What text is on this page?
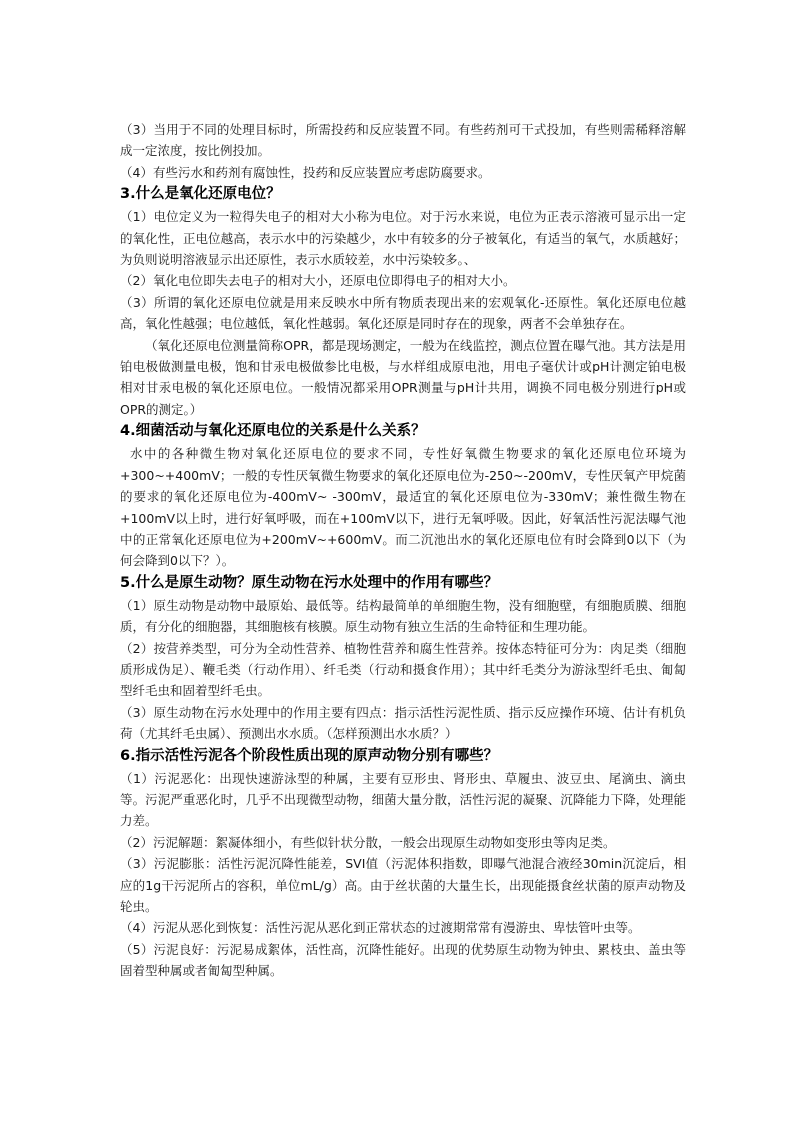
（3）当用于不同的处理目标时，所需投药和反应装置不同。有些药剂可干式投加，有些则需稀释溶解成一定浓度，按比例投加。

（4）有些污水和药剂有腐蚀性，投药和反应装置应考虑防腐要求。

3.什么是氧化还原电位？

（1）电位定义为一粒得失电子的相对大小称为电位。对于污水来说，电位为正表示溶液可显示出一定的氧化性，正电位越高，表示水中的污染越少，水中有较多的分子被氧化，有适当的氧气，水质越好；为负则说明溶液显示出还原性，表示水质较差，水中污染较多。、

（2）氧化电位即失去电子的相对大小，还原电位即得电子的相对大小。

（3）所谓的氧化还原电位就是用来反映水中所有物质表现出来的宏观氧化-还原性。氧化还原电位越高，氧化性越强；电位越低，氧化性越弱。氧化还原是同时存在的现象，两者不会单独存在。

（氧化还原电位测量简称OPR，都是现场测定，一般为在线监控，测点位置在曝气池。其方法是用铂电极做测量电极，饱和甘汞电极做参比电极，与水样组成原电池，用电子毫伏计或pH计测定铂电极相对甘汞电极的氧化还原电位。一般情况都采用OPR测量与pH计共用，调换不同电极分别进行pH或OPR的测定。）

4.细菌活动与氧化还原电位的关系是什么关系？

水中的各种微生物对氧化还原电位的要求不同，专性好氧微生物要求的氧化还原电位环境为+300~+400mV；一般的专性厌氧微生物要求的氧化还原电位为-250~-200mV，专性厌氧产甲烷菌的要求的氧化还原电位为-400mV~ -300mV，最适宜的氧化还原电位为-330mV；兼性微生物在+100mV以上时，进行好氧呼吸，而在+100mV以下，进行无氧呼吸。因此，好氧活性污泥法曝气池中的正常氧化还原电位为+200mV~+600mV。而二沉池出水的氧化还原电位有时会降到0以下（为何会降到0以下？）。

5.什么是原生动物？原生动物在污水处理中的作用有哪些？

（1）原生动物是动物中最原始、最低等。结构最简单的单细胞生物，没有细胞壁，有细胞质膜、细胞质，有分化的细胞器，其细胞核有核膜。原生动物有独立生活的生命特征和生理功能。

（2）按营养类型，可分为全动性营养、植物性营养和腐生性营养。按体态特征可分为：肉足类（细胞质形成伪足）、鞭毛类（行动作用）、纤毛类（行动和摄食作用）；其中纤毛类分为游泳型纤毛虫、匍匐型纤毛虫和固着型纤毛虫。

（3）原生动物在污水处理中的作用主要有四点：指示活性污泥性质、指示反应操作环境、估计有机负荷（尤其纤毛虫属）、预测出水水质。（怎样预测出水水质？）

6.指示活性污泥各个阶段性质出现的原声动物分别有哪些？

（1）污泥恶化：出现快速游泳型的种属，主要有豆形虫、肾形虫、草履虫、波豆虫、尾滴虫、滴虫等。污泥严重恶化时，几乎不出现微型动物，细菌大量分散，活性污泥的凝聚、沉降能力下降，处理能力差。

（2）污泥解题：絮凝体细小，有些似针状分散，一般会出现原生动物如变形虫等肉足类。

（3）污泥膨胀：活性污泥沉降性能差，SVI值（污泥体积指数，即曝气池混合液经30min沉淀后，相应的1g干污泥所占的容积，单位mL/g）高。由于丝状菌的大量生长，出现能摄食丝状菌的原声动物及轮虫。

（4）污泥从恶化到恢复：活性污泥从恶化到正常状态的过渡期常常有漫游虫、卑怯管叶虫等。

（5）污泥良好：污泥易成絮体，活性高，沉降性能好。出现的优势原生动物为钟虫、累枝虫、盖虫等固着型种属或者匍匐型种属。
